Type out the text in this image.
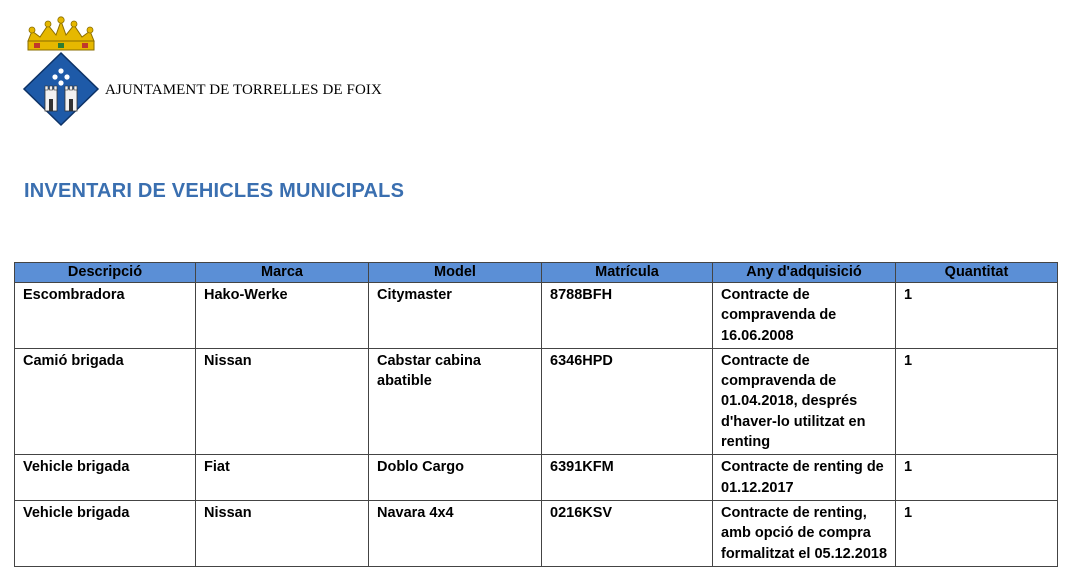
AJUNTAMENT DE TORRELLES DE FOIX
INVENTARI DE VEHICLES MUNICIPALS
Descripció	Marca	Model	Matrícula	Any d'adquisició	Quantitat
Escombradora	Hako-Werke	Citymaster	8788BFH	Contracte de compravenda de 16.06.2008	1
Camió brigada	Nissan	Cabstar cabina abatible	6346HPD	Contracte de compravenda de 01.04.2018, després d'haver-lo utilitzat en renting	1
Vehicle brigada	Fiat	Doblo Cargo	6391KFM	Contracte de renting de 01.12.2017	1
Vehicle brigada	Nissan	Navara 4x4	0216KSV	Contracte de renting, amb opció de compra formalitzat el 05.12.2018	1
